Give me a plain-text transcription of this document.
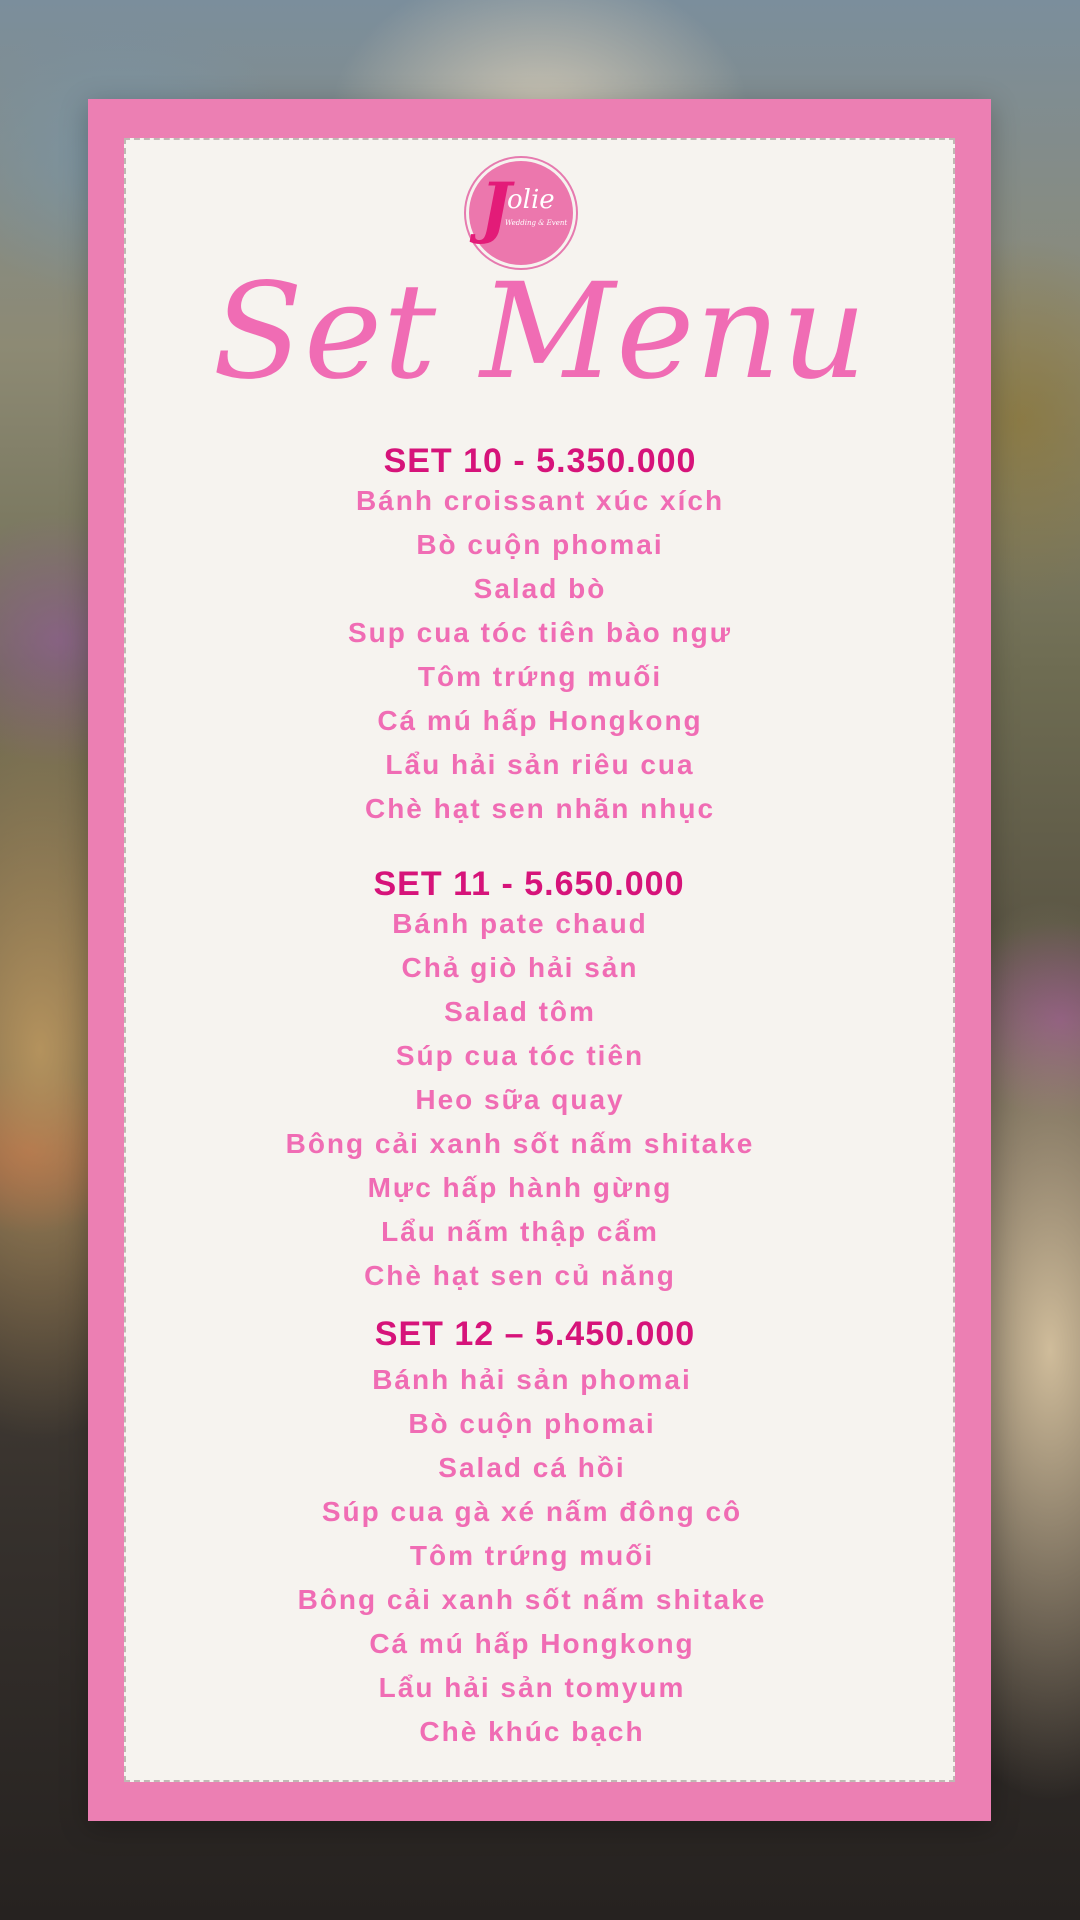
J
olie
Wedding & Event
Set Menu
SET 10 - 5.350.000
Bánh croissant xúc xích
Bò cuộn phomai
Salad bò
Sup cua tóc tiên bào ngư
Tôm trứng muối
Cá mú hấp Hongkong
Lẩu hải sản riêu cua
Chè hạt sen nhãn nhục
SET 11 - 5.650.000
Bánh pate chaud
Chả giò hải sản
Salad tôm
Súp cua tóc tiên
Heo sữa quay
Bông cải xanh sốt nấm shitake
Mực hấp hành gừng
Lẩu nấm thập cẩm
Chè hạt sen củ năng
SET 12 – 5.450.000
Bánh hải sản phomai
Bò cuộn phomai
Salad cá hồi
Súp cua gà xé nấm đông cô
Tôm trứng muối
Bông cải xanh sốt nấm shitake
Cá mú hấp Hongkong
Lẩu hải sản tomyum
Chè khúc bạch
